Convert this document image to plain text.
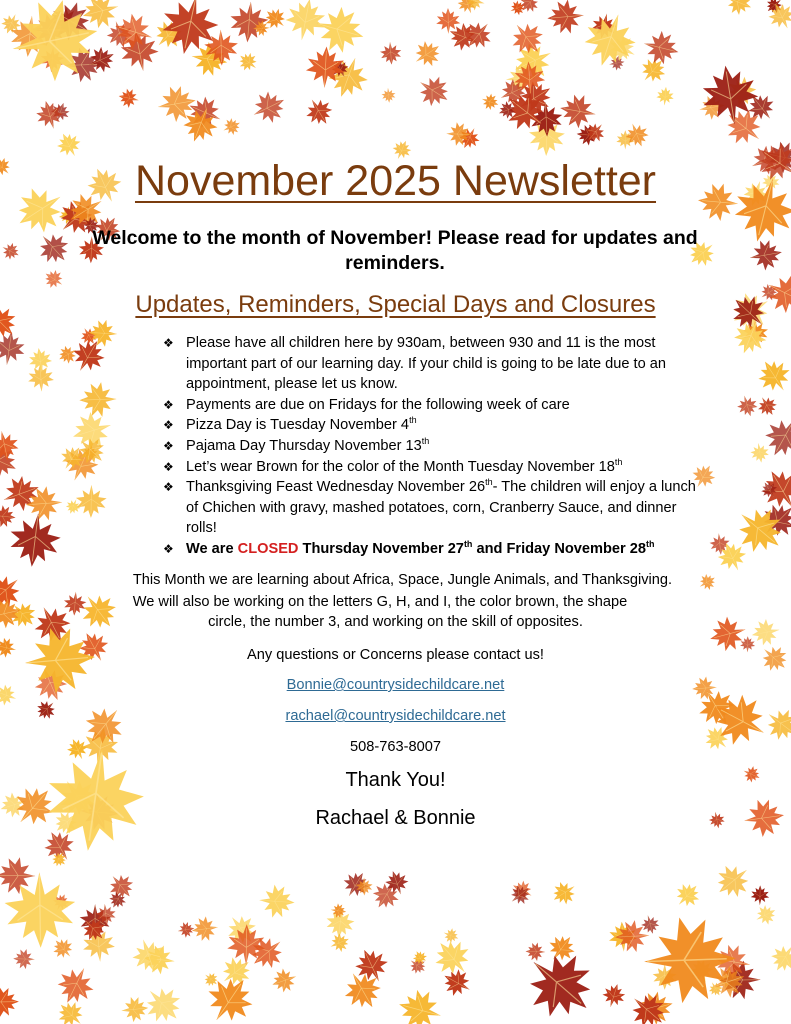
November 2025 Newsletter
Welcome to the month of November! Please read for updates and reminders.
Updates, Reminders, Special Days and Closures
❖ Please have all children here by 930am, between 930 and 11 is the most important part of our learning day. If your child is going to be late due to an appointment, please let us know.
❖ Payments are due on Fridays for the following week of care
❖ Pizza Day is Tuesday November 4th
❖ Pajama Day Thursday November 13th
❖ Let’s wear Brown for the color of the Month Tuesday November 18th
❖ Thanksgiving Feast Wednesday November 26th- The children will enjoy a lunch of Chichen with gravy, mashed potatoes, corn, Cranberry Sauce, and dinner rolls!
❖ We are CLOSED Thursday November 27th and Friday November 28th
This Month we are learning about Africa, Space, Jungle Animals, and Thanksgiving.
We will also be working on the letters G, H, and I, the color brown, the shape
circle, the number 3, and working on the skill of opposites.
Any questions or Concerns please contact us!
Bonnie@countrysidechildcare.net
rachael@countrysidechildcare.net
508-763-8007
Thank You!
Rachael & Bonnie
